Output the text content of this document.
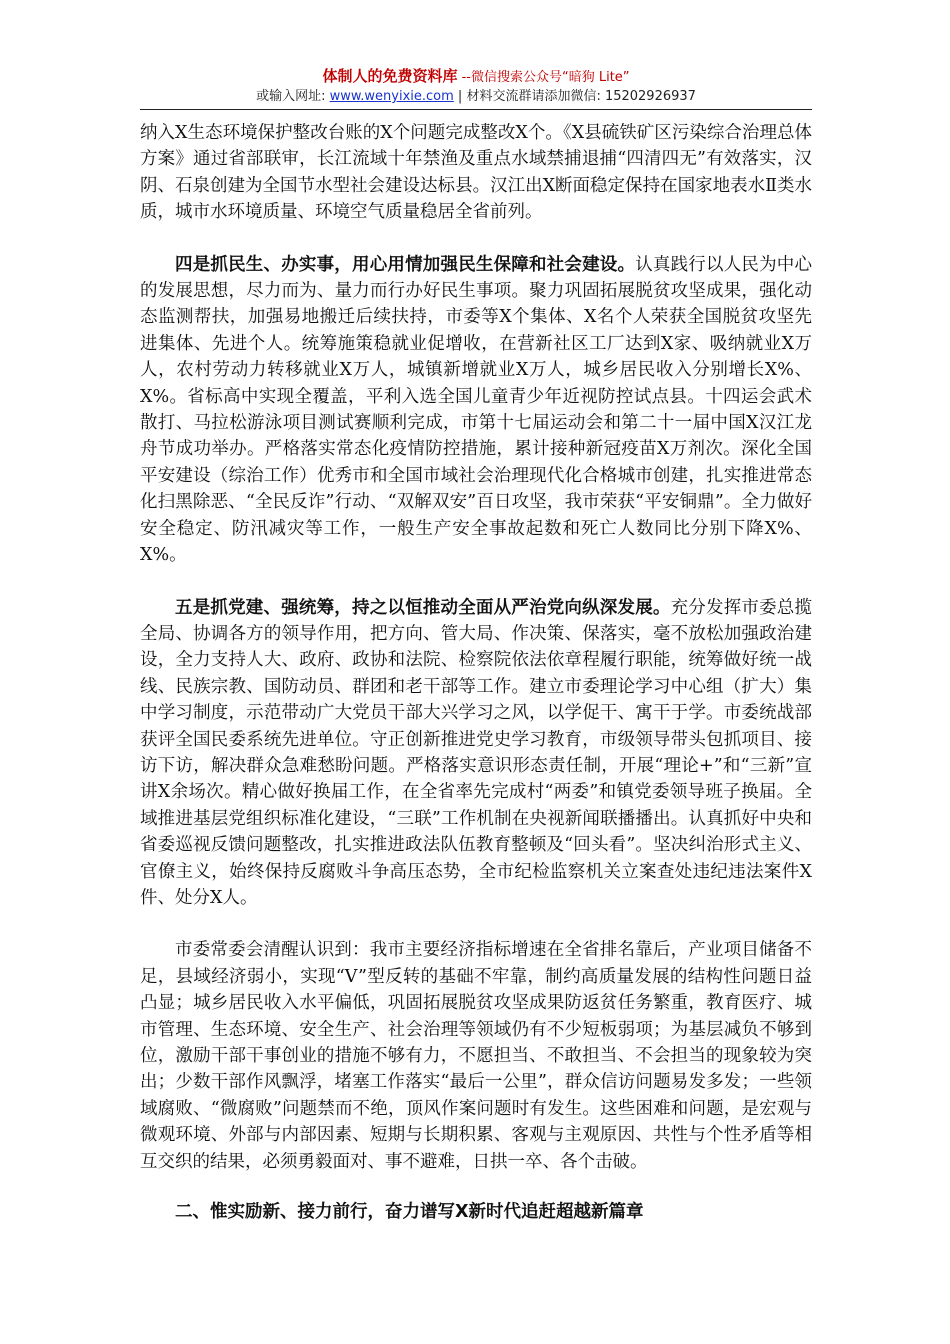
体制人的免费资料库 --微信搜索公众号“暗狗 Lite”
或输入网址: www.wenyixie.com | 材料交流群请添加微信: 15202926937

纳入X生态环境保护整改台账的X个问题完成整改X个。《X县硫铁矿区污染综合治理总体方案》通过省部联审，长江流域十年禁渔及重点水域禁捕退捕“四清四无”有效落实，汉阴、石泉创建为全国节水型社会建设达标县。汉江出X断面稳定保持在国家地表水Ⅱ类水质，城市水环境质量、环境空气质量稳居全省前列。

四是抓民生、办实事，用心用情加强民生保障和社会建设。认真践行以人民为中心的发展思想，尽力而为、量力而行办好民生事项。聚力巩固拓展脱贫攻坚成果，强化动态监测帮扶，加强易地搬迁后续扶持，市委等X个集体、X名个人荣获全国脱贫攻坚先进集体、先进个人。统筹施策稳就业促增收，在营新社区工厂达到X家、吸纳就业X万人，农村劳动力转移就业X万人，城镇新增就业X万人，城乡居民收入分别增长X%、X%。省标高中实现全覆盖，平利入选全国儿童青少年近视防控试点县。十四运会武术散打、马拉松游泳项目测试赛顺利完成，市第十七届运动会和第二十一届中国X汉江龙舟节成功举办。严格落实常态化疫情防控措施，累计接种新冠疫苗X万剂次。深化全国平安建设（综治工作）优秀市和全国市域社会治理现代化合格城市创建，扎实推进常态化扫黑除恶、“全民反诈”行动、“双解双安”百日攻坚，我市荣获“平安铜鼎”。全力做好安全稳定、防汛减灾等工作，一般生产安全事故起数和死亡人数同比分别下降X%、X%。

五是抓党建、强统筹，持之以恒推动全面从严治党向纵深发展。充分发挥市委总揽全局、协调各方的领导作用，把方向、管大局、作决策、保落实，毫不放松加强政治建设，全力支持人大、政府、政协和法院、检察院依法依章程履行职能，统筹做好统一战线、民族宗教、国防动员、群团和老干部等工作。建立市委理论学习中心组（扩大）集中学习制度，示范带动广大党员干部大兴学习之风，以学促干、寓干于学。市委统战部获评全国民委系统先进单位。守正创新推进党史学习教育，市级领导带头包抓项目、接访下访，解决群众急难愁盼问题。严格落实意识形态责任制，开展“理论+”和“三新”宣讲X余场次。精心做好换届工作，在全省率先完成村“两委”和镇党委领导班子换届。全域推进基层党组织标准化建设，“三联”工作机制在央视新闻联播播出。认真抓好中央和省委巡视反馈问题整改，扎实推进政法队伍教育整顿及“回头看”。坚决纠治形式主义、官僚主义，始终保持反腐败斗争高压态势，全市纪检监察机关立案查处违纪违法案件X件、处分X人。

市委常委会清醒认识到：我市主要经济指标增速在全省排名靠后，产业项目储备不足，县域经济弱小，实现“V”型反转的基础不牢靠，制约高质量发展的结构性问题日益凸显；城乡居民收入水平偏低，巩固拓展脱贫攻坚成果防返贫任务繁重，教育医疗、城市管理、生态环境、安全生产、社会治理等领域仍有不少短板弱项；为基层减负不够到位，激励干部干事创业的措施不够有力，不愿担当、不敢担当、不会担当的现象较为突出；少数干部作风飘浮，堵塞工作落实“最后一公里”，群众信访问题易发多发；一些领域腐败、“微腐败”问题禁而不绝，顶风作案问题时有发生。这些困难和问题，是宏观与微观环境、外部与内部因素、短期与长期积累、客观与主观原因、共性与个性矛盾等相互交织的结果，必须勇毅面对、事不避难，日拱一卒、各个击破。

二、惟实励新、接力前行，奋力谱写X新时代追赶超越新篇章
